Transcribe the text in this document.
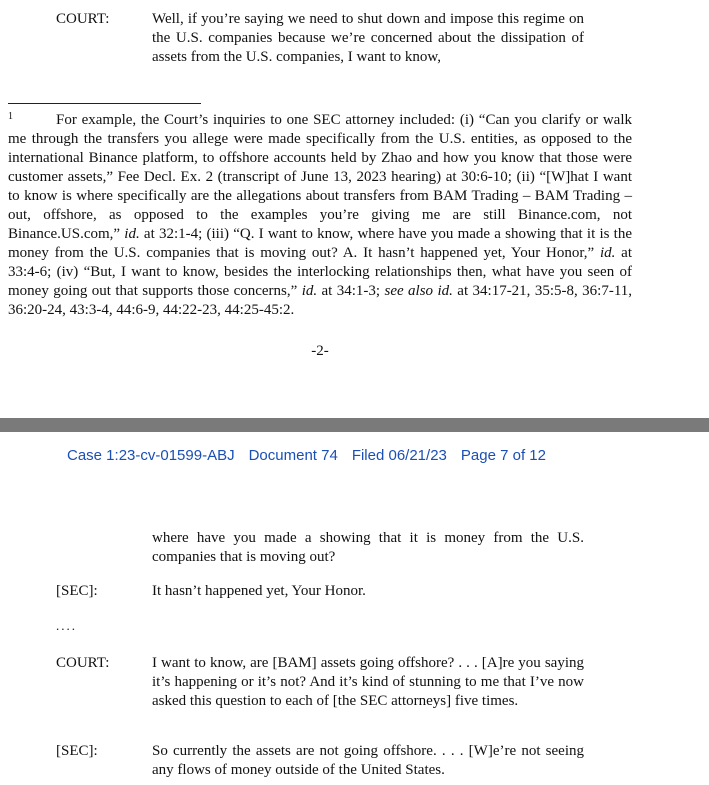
COURT:	Well, if you’re saying we need to shut down and impose this regime on the U.S. companies because we’re concerned about the dissipation of assets from the U.S. companies, I want to know,
1	For example, the Court’s inquiries to one SEC attorney included: (i) “Can you clarify or walk me through the transfers you allege were made specifically from the U.S. entities, as opposed to the international Binance platform, to offshore accounts held by Zhao and how you know that those were customer assets,” Fee Decl. Ex. 2 (transcript of June 13, 2023 hearing) at 30:6-10; (ii) “[W]hat I want to know is where specifically are the allegations about transfers from BAM Trading – BAM Trading – out, offshore, as opposed to the examples you’re giving me are still Binance.com, not Binance.US.com,” id. at 32:1-4; (iii) “Q. I want to know, where have you made a showing that it is the money from the U.S. companies that is moving out? A. It hasn’t happened yet, Your Honor,” id. at 33:4-6; (iv) “But, I want to know, besides the interlocking relationships then, what have you seen of money going out that supports those concerns,” id. at 34:1-3; see also id. at 34:17-21, 35:5-8, 36:7-11, 36:20-24, 43:3-4, 44:6-9, 44:22-23, 44:25-45:2.
-2-
Case 1:23-cv-01599-ABJ Document 74 Filed 06/21/23 Page 7 of 12
where have you made a showing that it is money from the U.S. companies that is moving out?
[SEC]:	It hasn’t happened yet, Your Honor.
....
COURT:	I want to know, are [BAM] assets going offshore? . . . [A]re you saying it’s happening or it’s not? And it’s kind of stunning to me that I’ve now asked this question to each of [the SEC attorneys] five times.
[SEC]:	So currently the assets are not going offshore. . . . [W]e’re not seeing any flows of money outside of the United States.
